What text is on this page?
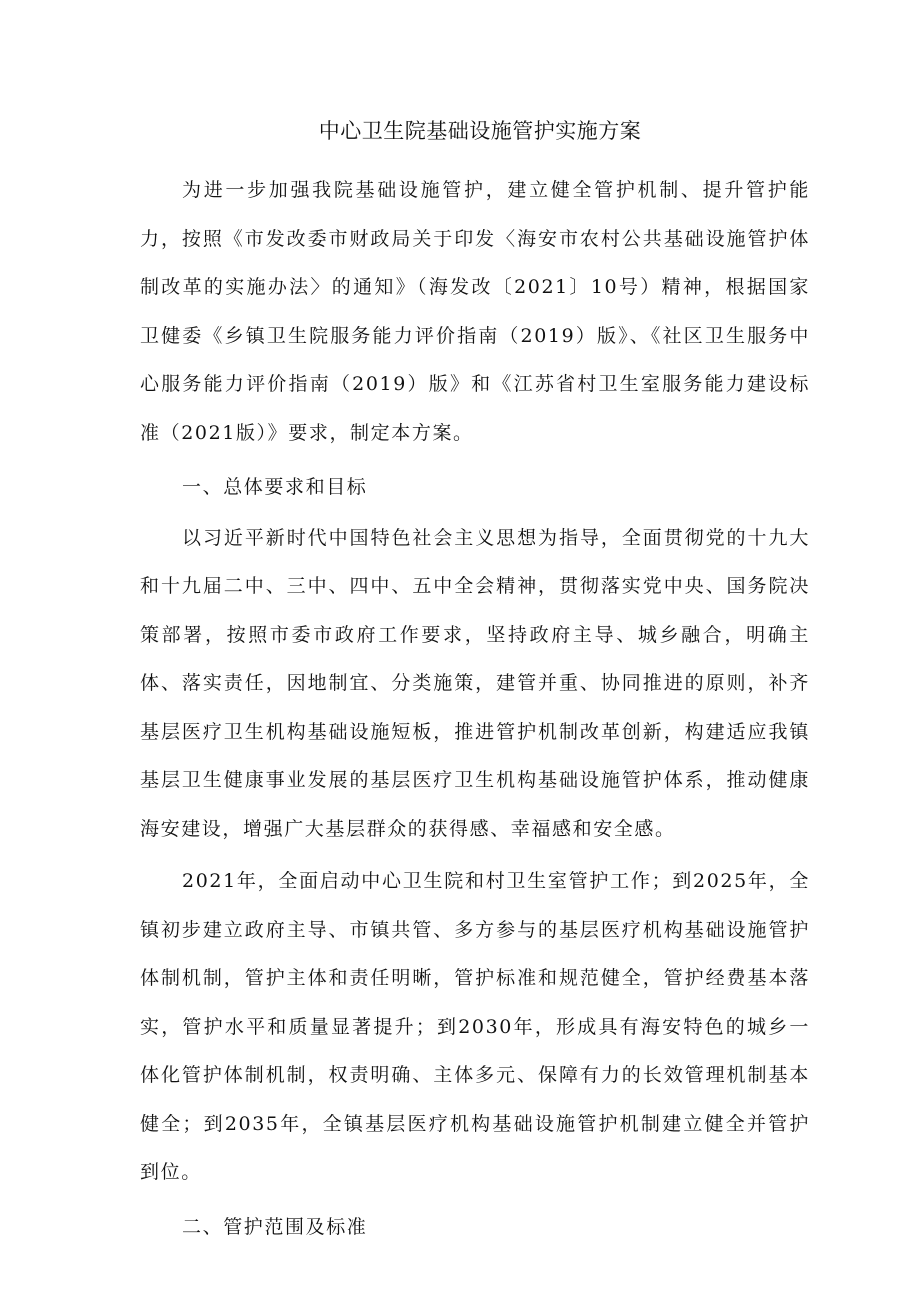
中心卫生院基础设施管护实施方案

为进一步加强我院基础设施管护，建立健全管护机制、提升管护能力，按照《市发改委市财政局关于印发〈海安市农村公共基础设施管护体制改革的实施办法〉的通知》（海发改〔2021〕10号）精神，根据国家卫健委《乡镇卫生院服务能力评价指南（2019）版》、《社区卫生服务中心服务能力评价指南（2019）版》和《江苏省村卫生室服务能力建设标准（2021版）》要求，制定本方案。

一、总体要求和目标

以习近平新时代中国特色社会主义思想为指导，全面贯彻党的十九大和十九届二中、三中、四中、五中全会精神，贯彻落实党中央、国务院决策部署，按照市委市政府工作要求，坚持政府主导、城乡融合，明确主体、落实责任，因地制宜、分类施策，建管并重、协同推进的原则，补齐基层医疗卫生机构基础设施短板，推进管护机制改革创新，构建适应我镇基层卫生健康事业发展的基层医疗卫生机构基础设施管护体系，推动健康海安建设，增强广大基层群众的获得感、幸福感和安全感。

2021年，全面启动中心卫生院和村卫生室管护工作；到2025年，全镇初步建立政府主导、市镇共管、多方参与的基层医疗机构基础设施管护体制机制，管护主体和责任明晰，管护标准和规范健全，管护经费基本落实，管护水平和质量显著提升；到2030年，形成具有海安特色的城乡一体化管护体制机制，权责明确、主体多元、保障有力的长效管理机制基本健全；到2035年，全镇基层医疗机构基础设施管护机制建立健全并管护到位。

二、管护范围及标准
